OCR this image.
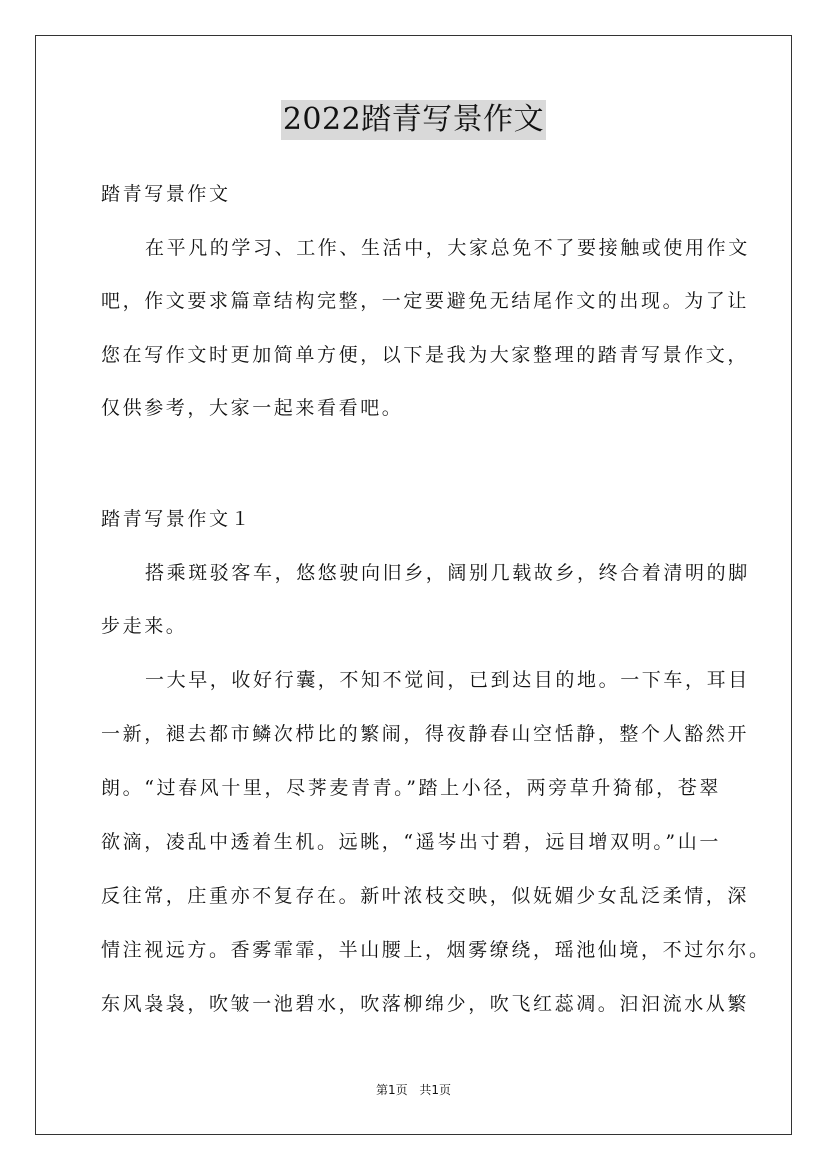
2022踏青写景作文
踏青写景作文
在平凡的学习、工作、生活中，大家总免不了要接触或使用作文
吧，作文要求篇章结构完整，一定要避免无结尾作文的出现。为了让
您在写作文时更加简单方便，以下是我为大家整理的踏青写景作文，
仅供参考，大家一起来看看吧。
踏青写景作文１
搭乘斑驳客车，悠悠驶向旧乡，阔别几载故乡，终合着清明的脚
步走来。
一大早，收好行囊，不知不觉间，已到达目的地。一下车，耳目
一新，褪去都市鳞次栉比的繁闹，得夜静春山空恬静，整个人豁然开
朗。“过春风十里，尽荠麦青青。”踏上小径，两旁草升猗郁，苍翠
欲滴，凌乱中透着生机。远眺，“遥岑出寸碧，远目增双明。”山一
反往常，庄重亦不复存在。新叶浓枝交映，似妩媚少女乱泛柔情，深
情注视远方。香雾霏霏，半山腰上，烟雾缭绕，瑶池仙境，不过尔尔。
东风袅袅，吹皱一池碧水，吹落柳绵少，吹飞红蕊凋。汩汩流水从繁
第1页 共1页
